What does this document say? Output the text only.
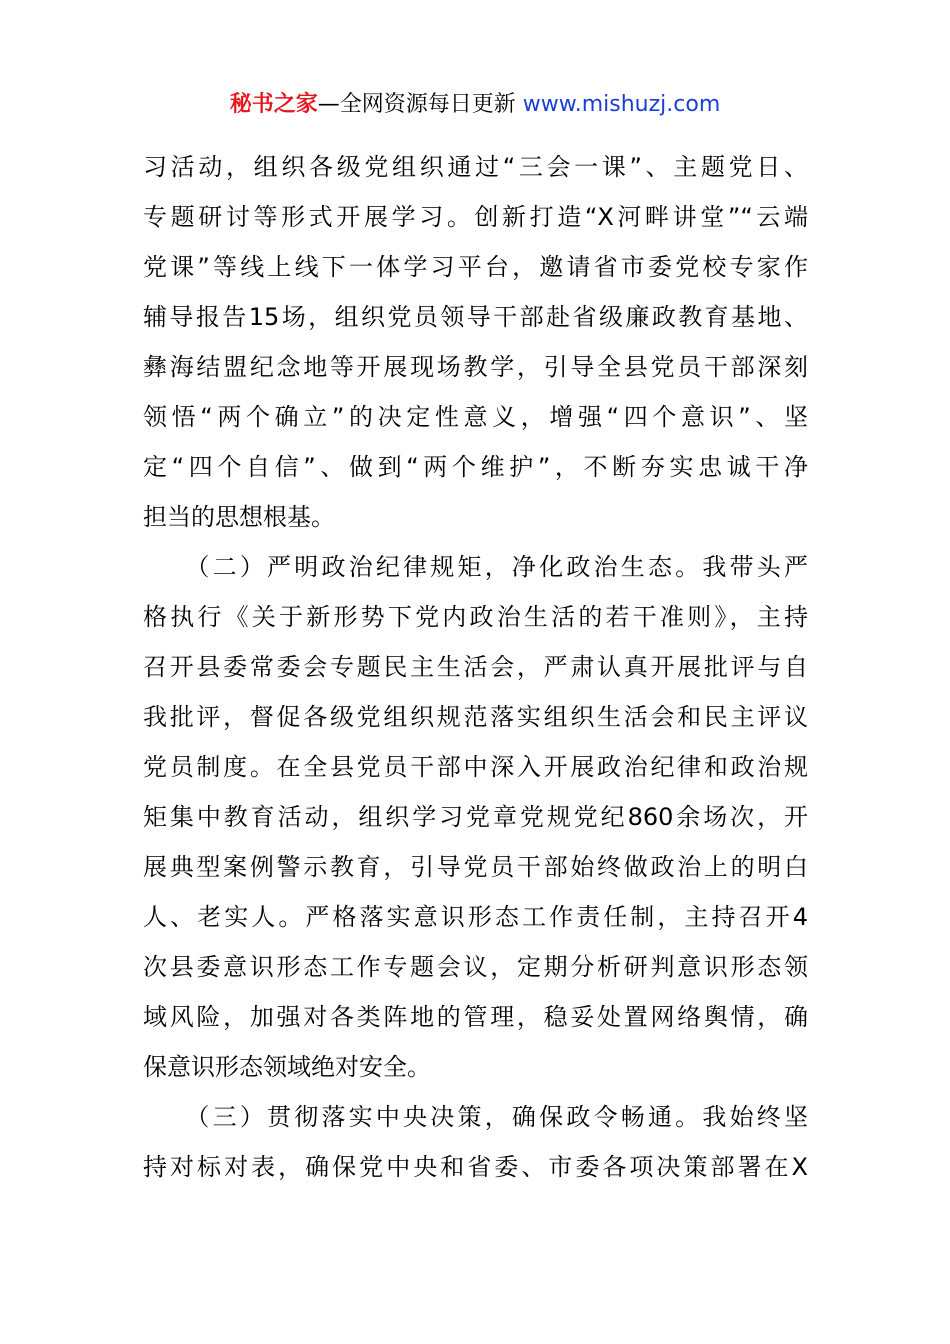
秘书之家—全网资源每日更新 www.mishuzj.com
习活动，组织各级党组织通过“三会一课”、主题党日、
专题研讨等形式开展学习。创新打造“X河畔讲堂”“云端
党课”等线上线下一体学习平台，邀请省市委党校专家作
辅导报告15场，组织党员领导干部赴省级廉政教育基地、
彝海结盟纪念地等开展现场教学，引导全县党员干部深刻
领悟“两个确立”的决定性意义，增强“四个意识”、坚
定“四个自信”、做到“两个维护”，不断夯实忠诚干净
担当的思想根基。
　　（二）严明政治纪律规矩，净化政治生态。我带头严
格执行《关于新形势下党内政治生活的若干准则》，主持
召开县委常委会专题民主生活会，严肃认真开展批评与自
我批评，督促各级党组织规范落实组织生活会和民主评议
党员制度。在全县党员干部中深入开展政治纪律和政治规
矩集中教育活动，组织学习党章党规党纪860余场次，开
展典型案例警示教育，引导党员干部始终做政治上的明白
人、老实人。严格落实意识形态工作责任制，主持召开4
次县委意识形态工作专题会议，定期分析研判意识形态领
域风险，加强对各类阵地的管理，稳妥处置网络舆情，确
保意识形态领域绝对安全。
　　（三）贯彻落实中央决策，确保政令畅通。我始终坚
持对标对表，确保党中央和省委、市委各项决策部署在X
